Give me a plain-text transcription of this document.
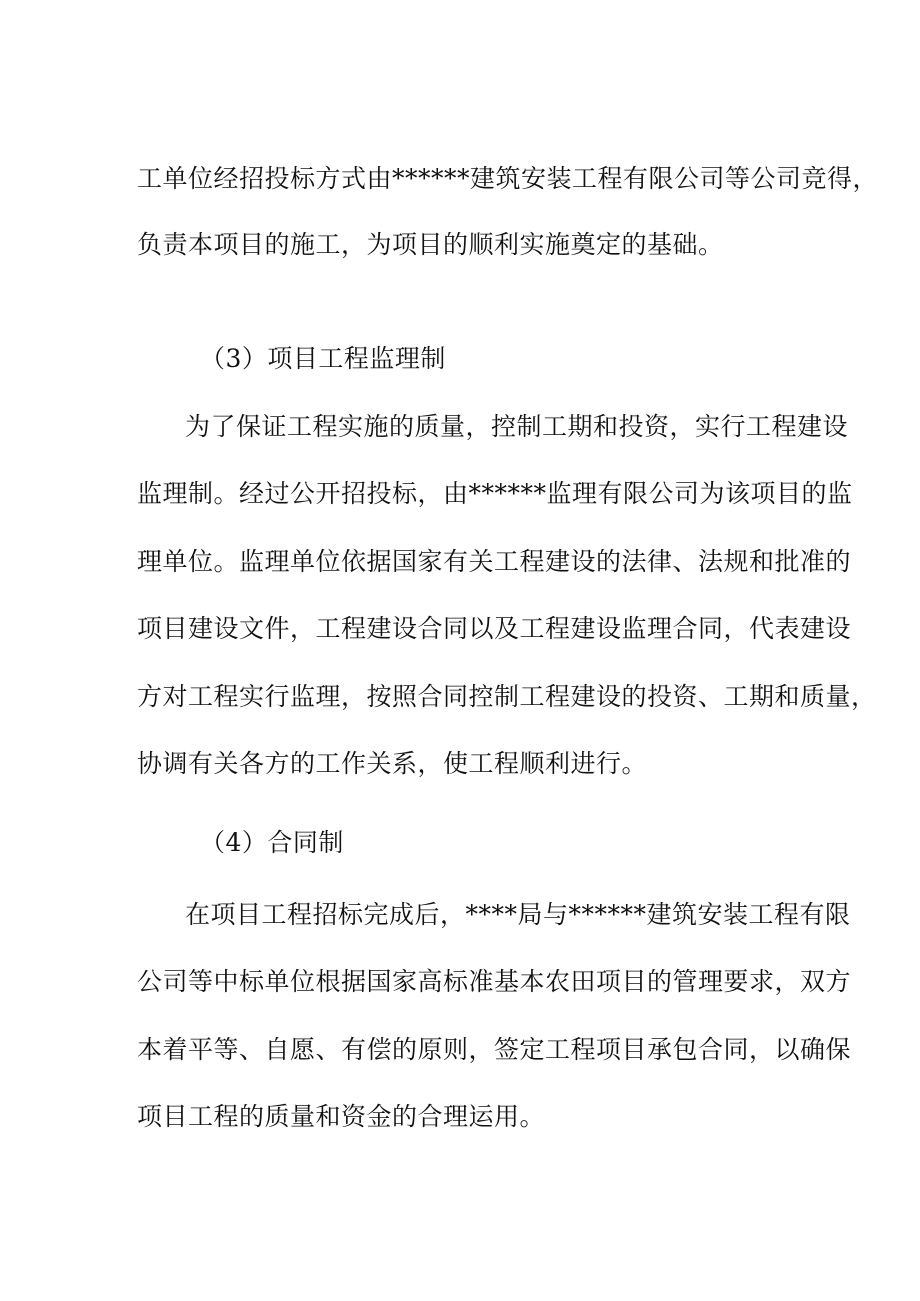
工单位经招投标方式由******建筑安装工程有限公司等公司竞得，
负责本项目的施工，为项目的顺利实施奠定的基础。
（3）项目工程监理制
为了保证工程实施的质量，控制工期和投资，实行工程建设
监理制。经过公开招投标，由******监理有限公司为该项目的监
理单位。监理单位依据国家有关工程建设的法律、法规和批准的
项目建设文件，工程建设合同以及工程建设监理合同，代表建设
方对工程实行监理，按照合同控制工程建设的投资、工期和质量，
协调有关各方的工作关系，使工程顺利进行。
（4）合同制
在项目工程招标完成后，****局与******建筑安装工程有限
公司等中标单位根据国家高标准基本农田项目的管理要求，双方
本着平等、自愿、有偿的原则，签定工程项目承包合同，以确保
项目工程的质量和资金的合理运用。
